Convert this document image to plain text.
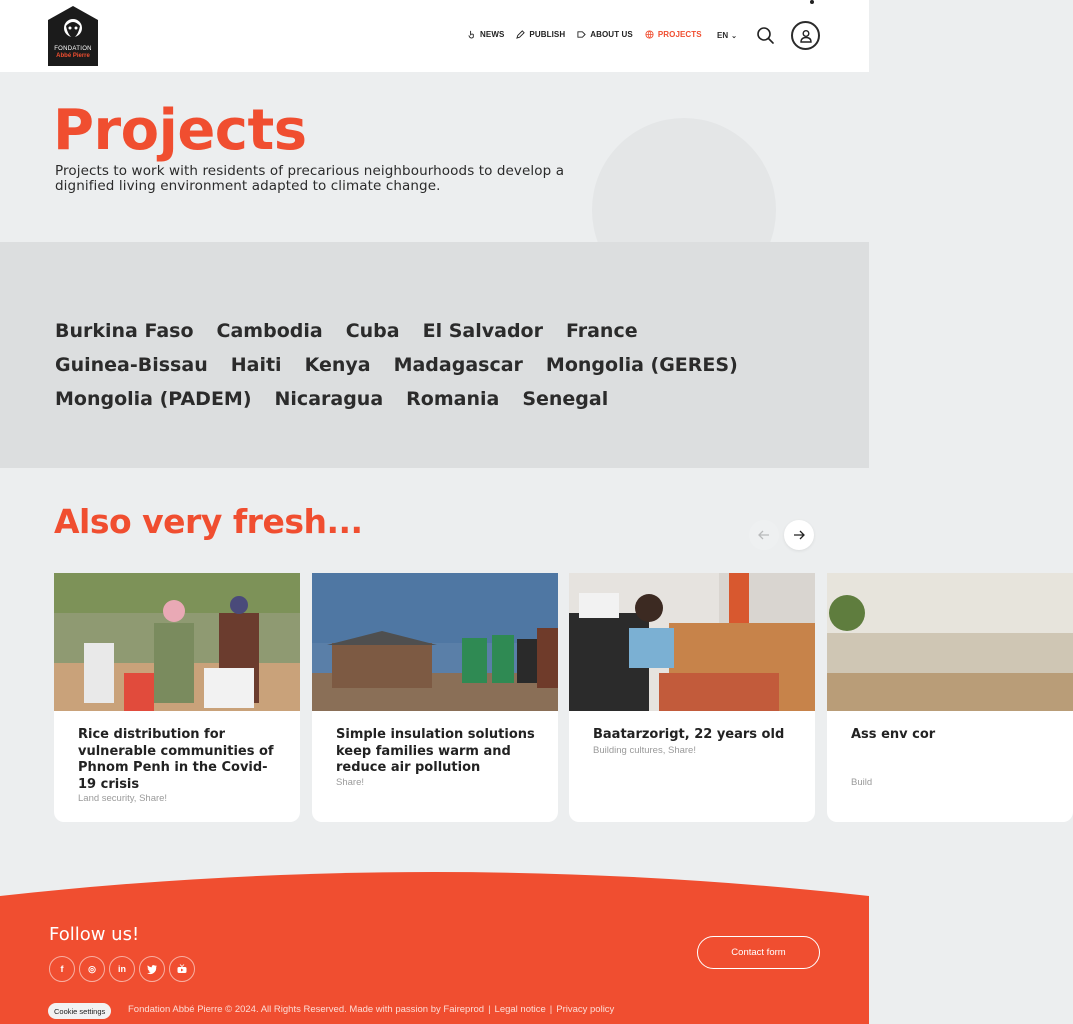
FONDATION
Abbé Pierre
NEWS	PUBLISH	ABOUT US	PROJECTS EN ⌄
Projects

Projects to work with residents of precarious neighbourhoods to develop a dignified living environment adapted to climate change.

Burkina Faso Cambodia Cuba El Salvador France
Guinea-Bissau Haiti Kenya Madagascar Mongolia (GERES)
Mongolia (PADEM) Nicaragua Romania Senegal
Also very fresh...
Rice distribution for vulnerable communities of Phnom Penh in the Covid-19 crisis
Land security, Share!
Simple insulation solutions keep families warm and reduce air pollution
Share!
Baatarzorigt, 22 years old
Building cultures, Share!
Ass env cor
Build
Follow us!
f	◎	in
Contact form
Cookie settings	Fondation Abbé Pierre © 2024. All Rights Reserved. Made with passion by Faireprod | Legal notice | Privacy policy
